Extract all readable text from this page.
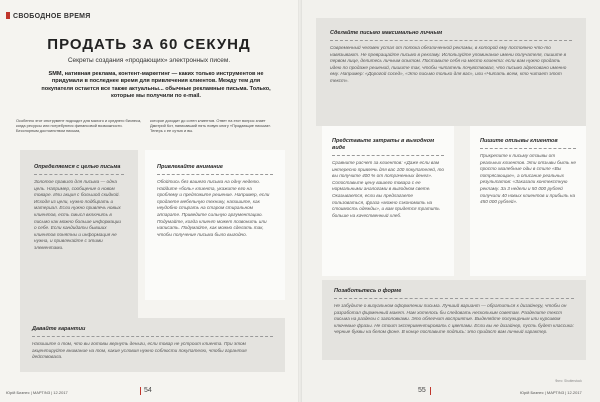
СВОБОДНОЕ ВРЕМЯ
ПРОДАТЬ ЗА 60 СЕКУНД
Секреты создания «продающих» электронных писем.
SMM, нативная реклама, контент-маркетинг — каких только инструментов не придумали в последнее время для привлечения клиентов. Между тем для покупателя остается все также актуальны... обычные рекламные письма. Только, которые мы получили по e-mail.
Особенно этот инструмент подходит для малого и среднего бизнеса, когда ресурсы или потребуются финансовой возможности. Бесспорным достоинством письма,
которое доходит до сотен клиентов. Ответ на этот вопрос знает Дмитрий Кот, написавший пять новую книгу «Продающие письма». Теперь с ее сутью и вы.
Определяемся с целью письма
Золотое правило для письма — одна цель. Например, сообщение о новом товаре. Или акция с большой скидкой. Исходя из цели, нужно подбирать и материал. Если нужно привлечь новых клиентов, есть смысл включить в письмо как можно больше информации о себе. Если кандидаты бывших клиентов понятны и информация не нужна, и привлекайте с этими элементами.
Привлекайте внимание
Обойтись без вашего письма на одну неделю. Найдите «боль» клиента, укажите его на проблему и предложите решение. Например, если продаете мебельную технику, напишите, как неудобно стирать на старом стиральном аппарате. Приведите сильную аргументацию. Подумайте, когда клиент может позвонить или написать. Подумайте, как можно сделать так, чтобы получение письма было выгодно.
Давайте гарантии
Напишите о том, что вы готовы вернуть деньги, если товар не устроит клиента. При этом акцентируйте внимание на том, какие условия нужно соблюсти покупателю, чтобы гарантия действовала.
Сделайте письмо максимально личным
Современный человек устал от потока обезличенной рекламы, в которой ему постоянно что-то навязывают. Не превращайте письмо в рекламу. Используйте упоминание имени получателя, пишите в первом лице, делитесь личным опытом. Поставьте себя на место клиента: если вам нужно продать идею по продаже решений, пишите так, чтобы читатель почувствовал, что письмо адресовано именно ему. Например: «Дорогой сосед», «Это письмо только для вас», или «Читать всем, кто читает этот текст».
Представьте затраты в выгодном виде
Сравните расчет за клиентов: «Даже если вам интересно привлечь для вас 100 покупателей, то вы получите 400 % от потраченных денег». Сопоставьте цену вашего товара с ее нормальными аналогами в выгодном свете. Оказывается, если вы предлагаете пользоваться, фраза «можно сэкономить на стоимость одежды», и вам придется тратить больше на качественный хлеб.
Пишите отзывы клиентов
Прикрепите к письму отзывы от реальных клиентов. Эти отзывы быть не просто хвалебные оды в стиле «Вы потрясающие», а описание реальных результатов: «Заказали контекстную рекламу. За 3 недели и 50 000 рублей получили 40 новых клиентов и прибыль на 450 000 рублей».
Позаботьтесь о форме
Не забудьте о визуальном оформлении письма. Лучший вариант — обратиться к дизайнеру, чтобы он разработал фирменный макет. Нам хотелось бы следовать нескольким советам. Разделите текст письма на разделы с заголовками. Это облегчит восприятие. Выделяйте полужирным или курсивом ключевые фразы. Не стоит экспериментировать с цветами. Если вы не дизайнер, пусть будет классика: черные буквы на белом фоне. В конце поставьте подпись: это придаст вам личный характер.
Фото: Shutterstock
Юрій Бизнес | МАРТ/N3 | 12.2017	54	55	Юрій Бизнес | МАРТ/N3 | 12.2017
